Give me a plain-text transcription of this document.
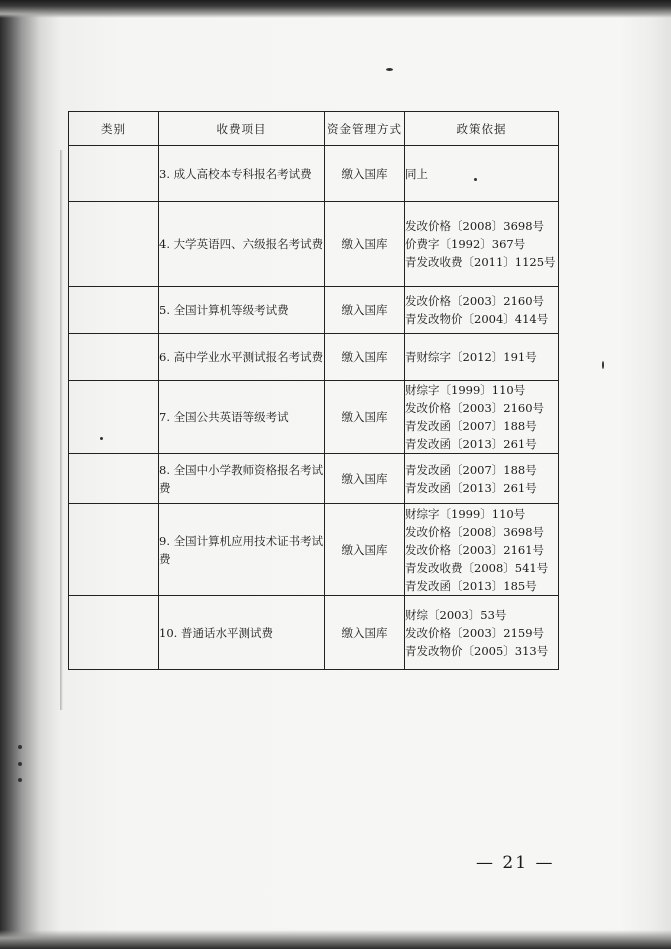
类别	收费项目	资金管理方式	政策依据
	3. 成人高校本专科报名考试费	缴入国库	同上

	4. 大学英语四、六级报名考试费	缴入国库	发改价格〔2008〕3698号
价费字〔1992〕367号
青发改收费〔2011〕1125号

	5. 全国计算机等级考试费	缴入国库	发改价格〔2003〕2160号
青发改物价〔2004〕414号

	6. 高中学业水平测试报名考试费	缴入国库	青财综字〔2012〕191号

	7. 全国公共英语等级考试	缴入国库	财综字〔1999〕110号
发改价格〔2003〕2160号
青发改函〔2007〕188号
青发改函〔2013〕261号

	8. 全国中小学教师资格报名考试费	缴入国库	青发改函〔2007〕188号
青发改函〔2013〕261号

	9. 全国计算机应用技术证书考试费	缴入国库	财综字〔1999〕110号
发改价格〔2008〕3698号
发改价格〔2003〕2161号
青发改收费〔2008〕541号
青发改函〔2013〕185号

	10. 普通话水平测试费	缴入国库	财综〔2003〕53号
发改价格〔2003〕2159号
青发改物价〔2005〕313号
— 21 —
